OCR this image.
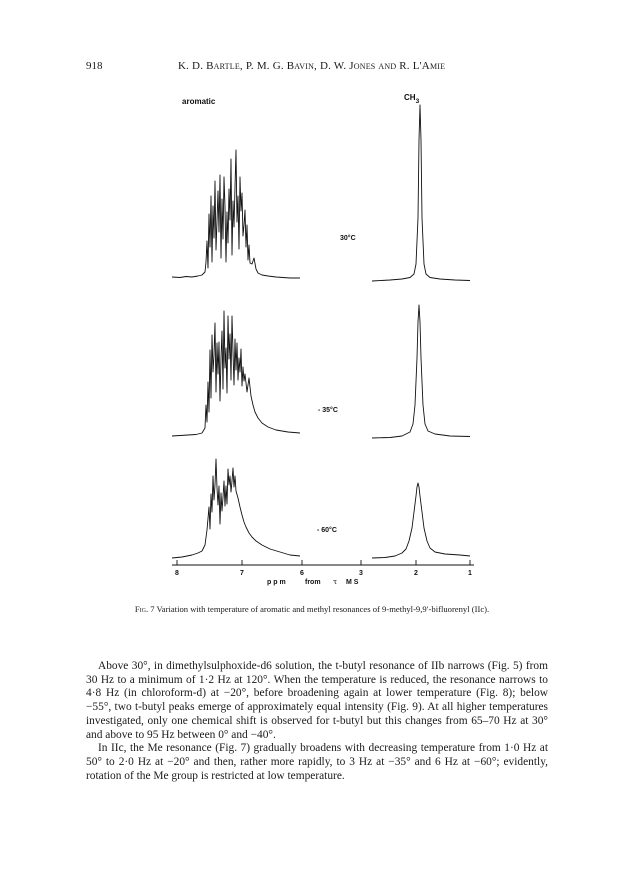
918	K. D. Bartle, P. M. G. Bavin, D. W. Jones and R. L'Amie
aromatic	$CH_3$
30°C
- 35°C
- 60°C
8	7	6	3	2	1
p p m	from τ M S
Fig. 7 Variation with temperature of aromatic and methyl resonances of 9-methyl-9,9′-bifluorenyl (IIc).

Above 30°, in dimethylsulphoxide-d6 solution, the t-butyl resonance of IIb narrows (Fig. 5) from 30 Hz to a minimum of 1·2 Hz at 120°. When the temperature is reduced, the resonance narrows to 4·8 Hz (in chloroform-d) at −20°, before broadening again at lower temperature (Fig. 8); below −55°, two t-butyl peaks emerge of approximately equal intensity (Fig. 9). At all higher temperatures investigated, only one chemical shift is observed for t-butyl but this changes from 65–70 Hz at 30° and above to 95 Hz between 0° and −40°.

In IIc, the Me resonance (Fig. 7) gradually broadens with decreasing temperature from 1·0 Hz at 50° to 2·0 Hz at −20° and then, rather more rapidly, to 3 Hz at −35° and 6 Hz at −60°; evidently, rotation of the Me group is restricted at low temperature.
